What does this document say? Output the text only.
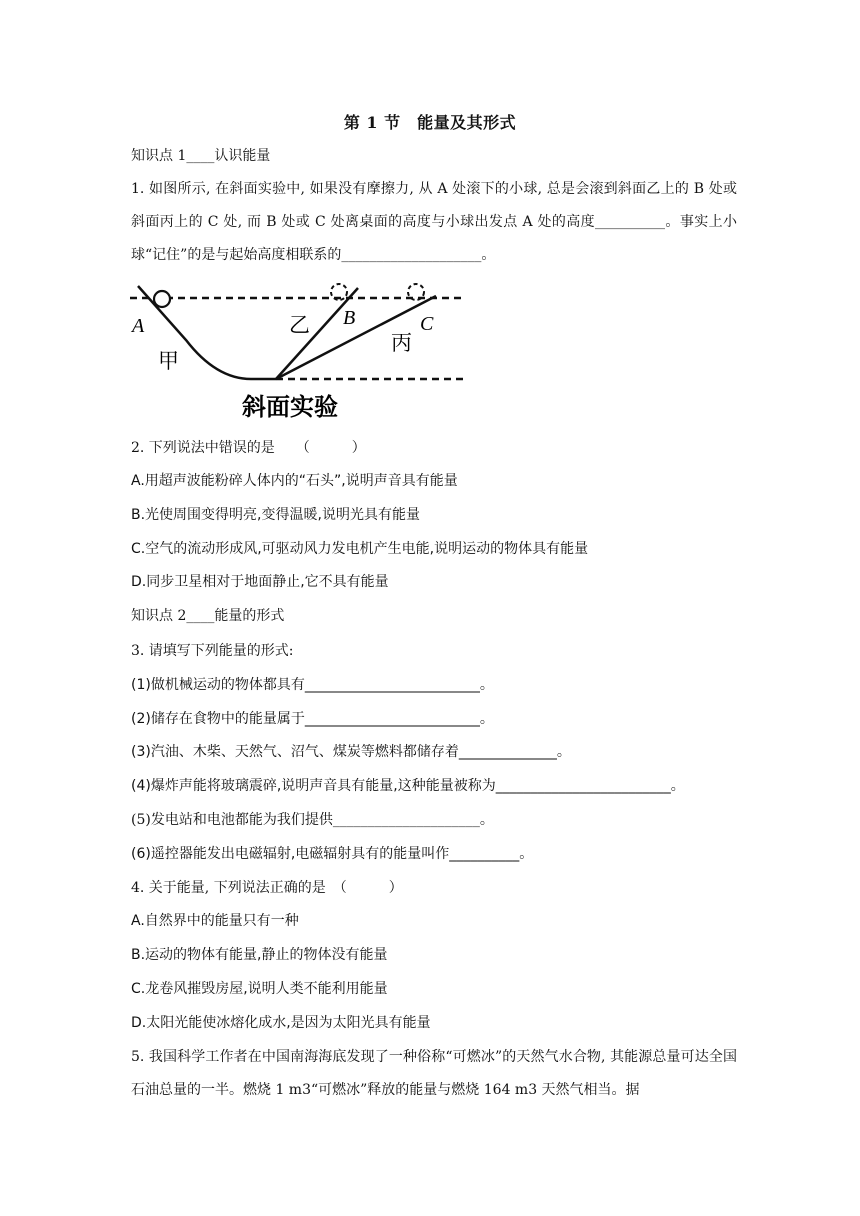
第 1 节　能量及其形式
知识点 1____认识能量
1. 如图所示, 在斜面实验中, 如果没有摩擦力, 从 A 处滚下的小球, 总是会滚到斜面乙上的 B 处或斜面丙上的 C 处, 而 B 处或 C 处离桌面的高度与小球出发点 A 处的高度__________。事实上小球“记住”的是与起始高度相联系的____________________。
A
甲
乙 B	C
丙
斜面实验
2. 下列说法中错误的是　　（　　　）
A.用超声波能粉碎人体内的“石头”,说明声音具有能量
B.光使周围变得明亮,变得温暖,说明光具有能量
C.空气的流动形成风,可驱动风力发电机产生电能,说明运动的物体具有能量
D.同步卫星相对于地面静止,它不具有能量
知识点 2____能量的形式
3. 请填写下列能量的形式:
(1)做机械运动的物体都具有_________________________。
(2)储存在食物中的能量属于_________________________。
(3)汽油、木柴、天然气、沼气、煤炭等燃料都储存着______________。
(4)爆炸声能将玻璃震碎,说明声音具有能量,这种能量被称为_________________________。
(5)发电站和电池都能为我们提供_____________________。
(6)遥控器能发出电磁辐射,电磁辐射具有的能量叫作__________。
4. 关于能量, 下列说法正确的是　（　　　）
A.自然界中的能量只有一种
B.运动的物体有能量,静止的物体没有能量
C.龙卷风摧毁房屋,说明人类不能利用能量
D.太阳光能使冰熔化成水,是因为太阳光具有能量
5. 我国科学工作者在中国南海海底发现了一种俗称“可燃冰”的天然气水合物, 其能源总量可达全国石油总量的一半。燃烧 1 m3“可燃冰”释放的能量与燃烧 164 m3 天然气相当。据
